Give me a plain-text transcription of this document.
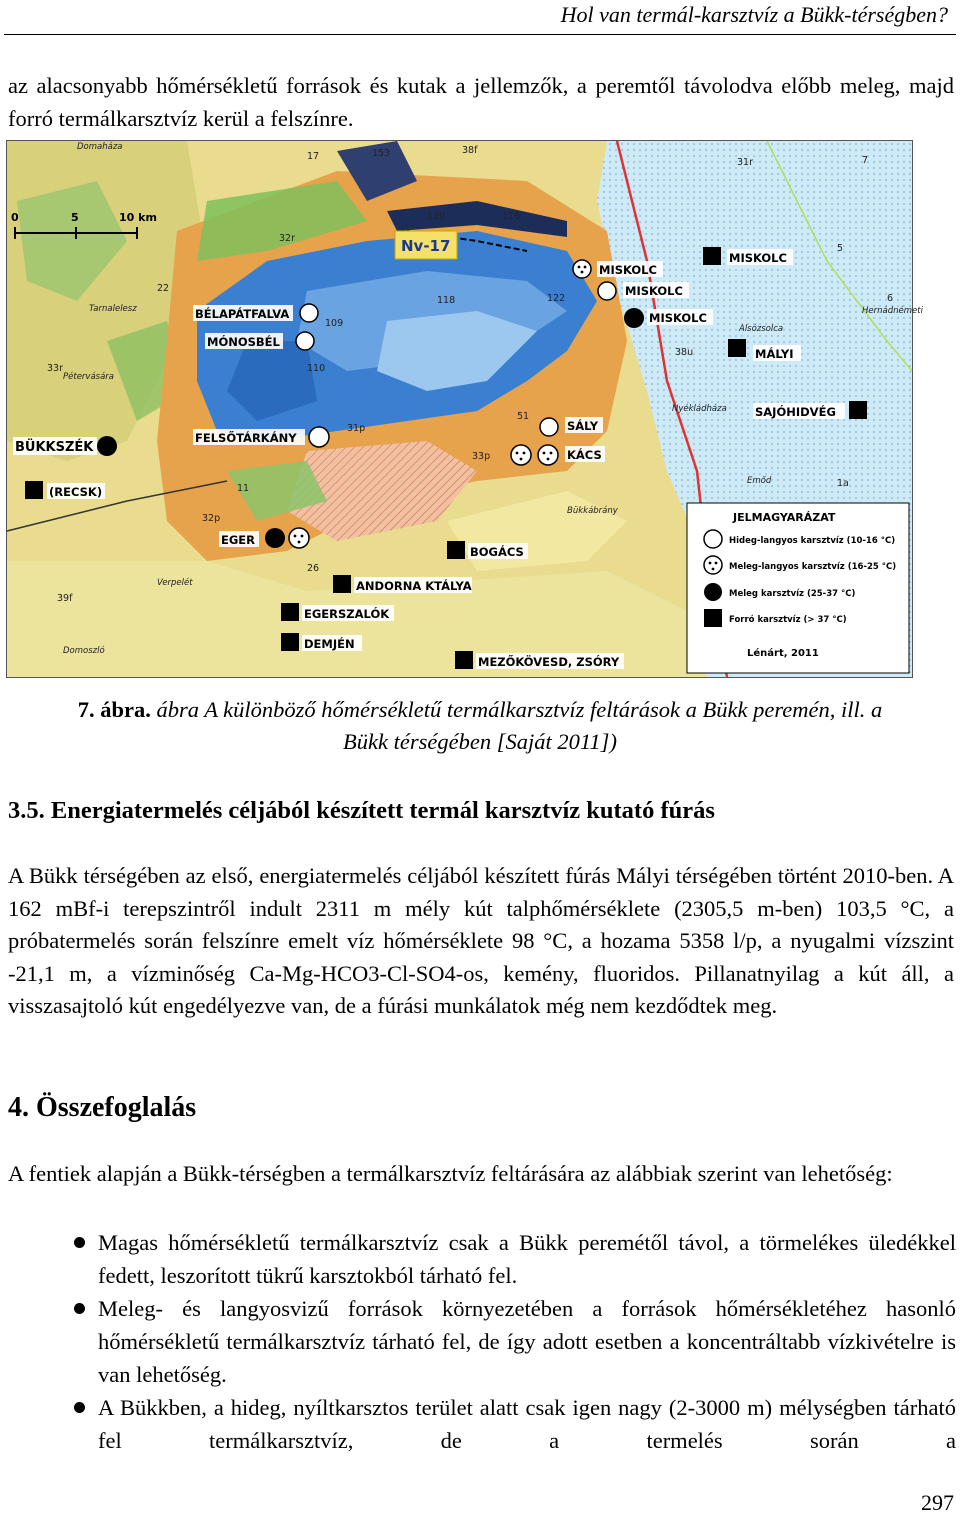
Hol van termál-karsztvíz a Bükk-térségben?

az alacsonyabb hőmérsékletű források és kutak a jellemzők, a peremtől távolodva előbb meleg, majd forró termálkarsztvíz kerül a felszínre.

0	5	10 km
Nv-17
17	153	38f
31r
130	116
118	122
109
110
33r
31p
32r
51
33p
26
32p
39f
1a
6
22
11
7
5
38u
Domaháza
Tarnalelesz
Pétervására
Verpelét
Domoszló
Bükkábrány
Nyékládháza
Emőd
Alsózsolca
Hernádnémeti
MISKOLC
MISKOLC
MISKOLC
MISKOLC
BÉLAPÁTFALVA
MÓNOSBÉL
MÁLYI
SAJÓHIDVÉG
BÜKKSZÉK
(RECSK)
FELSŐTÁRKÁNY
SÁLY
KÁCS
EGER
BOGÁCS
ANDORNA KTÁLYA
EGERSZALÓK
DEMJÉN
MEZŐKÖVESD, ZSÓRY
JELMAGYARÁZAT
Hideg-langyos karsztvíz (10-16 °C)
Meleg-langyos karsztvíz (16-25 °C)
Meleg karsztvíz (25-37 °C)
Forró karsztvíz (> 37 °C)
Lénárt, 2011
7. ábra. ábra A különböző hőmérsékletű termálkarsztvíz feltárások a Bükk peremén, ill. a Bükk térségében [Saját 2011])
3.5. Energiatermelés céljából készített termál karsztvíz kutató fúrás

A Bükk térségében az első, energiatermelés céljából készített fúrás Mályi térségében történt 2010-ben. A 162 mBf-i terepszintről indult 2311 m mély kút talphőmérséklete (2305,5 m-ben) 103,5 °C, a próbatermelés során felszínre emelt víz hőmérséklete 98 °C, a hozama 5358 l/p, a nyugalmi vízszint -21,1 m, a vízminőség Ca-Mg-HCO3-Cl-SO4-os, kemény, fluoridos. Pillanatnyilag a kút áll, a visszasajtoló kút engedélyezve van, de a fúrási munkálatok még nem kezdődtek meg.

4. Összefoglalás

A fentiek alapján a Bükk-térségben a termálkarsztvíz feltárására az alábbiak szerint van lehetőség:

Magas hőmérsékletű termálkarsztvíz csak a Bükk peremétől távol, a törmelékes üledékkel fedett, leszorított tükrű karsztokból tárható fel.
Meleg- és langyosvizű források környezetében a források hőmérsékletéhez hasonló hőmérsékletű termálkarsztvíz tárható fel, de így adott esetben a koncentráltabb vízkivételre is van lehetőség.
A Bükkben, a hideg, nyíltkarsztos terület alatt csak igen nagy (2-3000 m) mélységben tárható fel termálkarsztvíz, de a termelés során a
297
